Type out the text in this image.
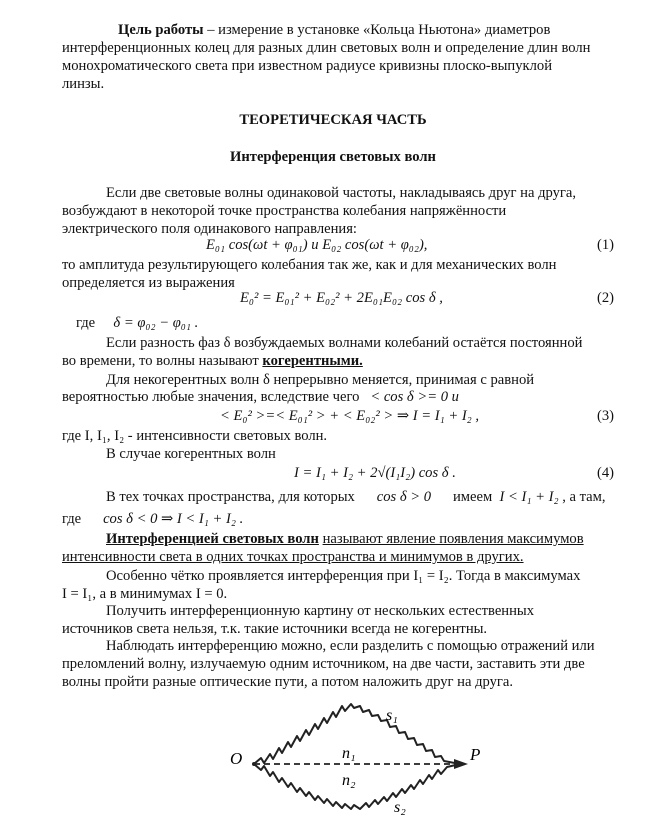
Цель работы – измерение в установке «Кольца Ньютона» диаметров
интерференционных колец для разных длин световых волн и определение длин волн
монохроматического света при известном радиусе кривизны плоско-выпуклой
линзы.
ТЕОРЕТИЧЕСКАЯ ЧАСТЬ
Интерференция световых волн
Если две световые волны одинаковой частоты, накладываясь друг на друга,
возбуждают в некоторой точке пространства колебания напряжённости
электрического поля одинакового направления:
E₀₁ cos(ωt + φ₀₁) и E₀₂ cos(ωt + φ₀₂),	(1)
то амплитуда результирующего колебания так же, как и для механических волн
определяется из выражения
E₀² = E₀₁² + E₀₂² + 2E₀₁E₀₂ cos δ ,	(2)
где δ = φ₀₂ − φ₀₁ .
Если разность фаз δ возбуждаемых волнами колебаний остаётся постоянной
во времени, то волны называют когерентными.
Для некогерентных волн δ непрерывно меняется, принимая с равной
вероятностью любые значения, вследствие чего < cos δ >= 0 и
< E₀² >=< E₀₁² > + < E₀₂² > ⇒ I = I₁ + I₂ ,	(3)
где I, I₁, I₂ - интенсивности световых волн.
В случае когерентных волн
I = I₁ + I₂ + 2√(I₁I₂) cos δ .	(4)
В тех точках пространства, для которых cos δ > 0 имеем I < I₁ + I₂ , а там,
где cos δ < 0 ⇒ I < I₁ + I₂ .
Интерференцией световых волн называют явление появления максимумов
интенсивности света в одних точках пространства и минимумов в других.
Особенно чётко проявляется интерференция при I₁ = I₂. Тогда в максимумах
I = I₁, а в минимумах I = 0.
Получить интерференционную картину от нескольких естественных
источников света нельзя, т.к. такие источники всегда не когерентны.
Наблюдать интерференцию можно, если разделить с помощью отражений или
преломлений волну, излучаемую одним источником, на две части, заставить эти две
волны пройти разные оптические пути, а потом наложить друг на друга.
O	P
s₁
n₁
n₂
s₂
